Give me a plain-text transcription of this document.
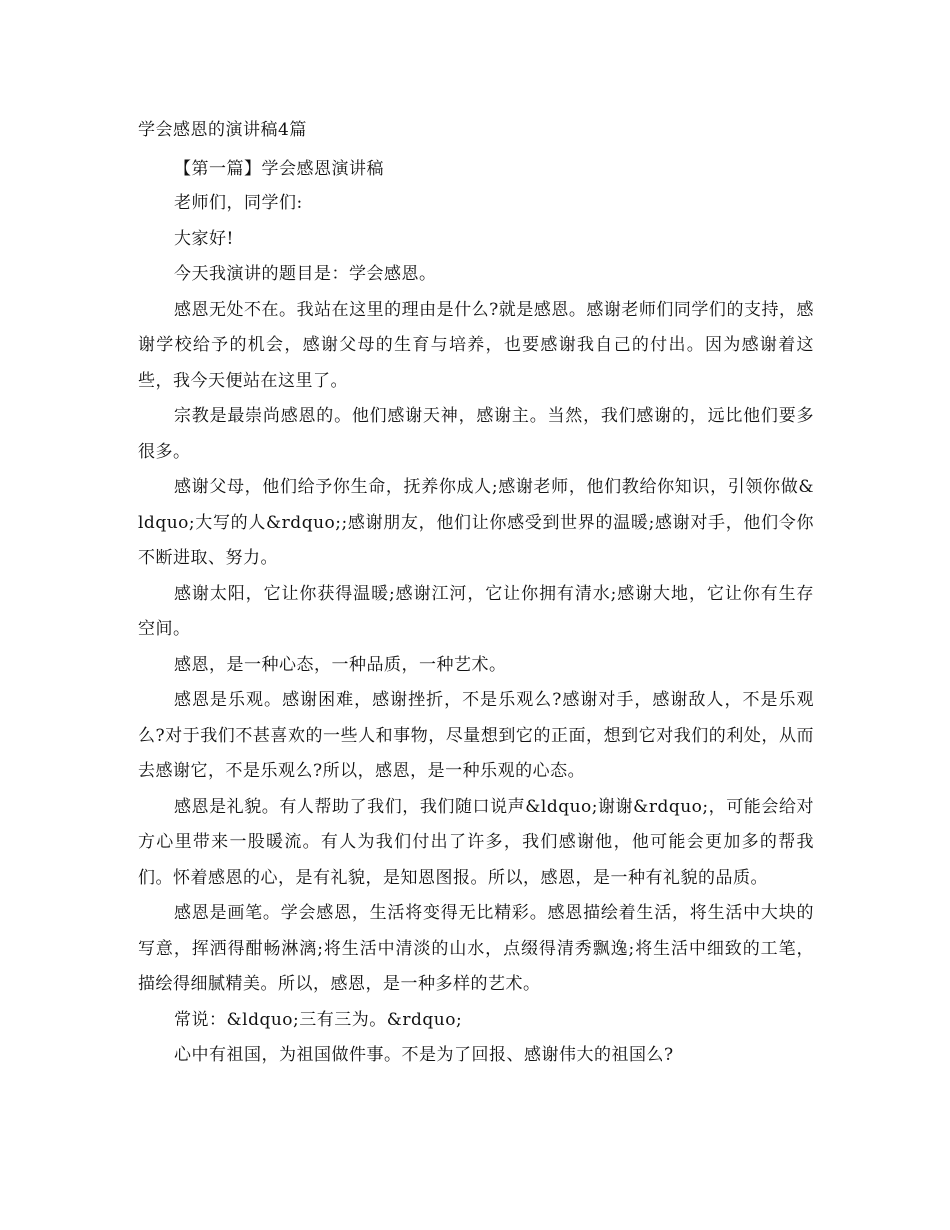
学会感恩的演讲稿4篇

【第一篇】学会感恩演讲稿

老师们，同学们:

大家好!

今天我演讲的题目是：学会感恩。

感恩无处不在。我站在这里的理由是什么?就是感恩。感谢老师们同学们的支持，感谢学校给予的机会，感谢父母的生育与培养，也要感谢我自己的付出。因为感谢着这些，我今天便站在这里了。

宗教是最崇尚感恩的。他们感谢天神，感谢主。当然，我们感谢的，远比他们要多很多。

感谢父母，他们给予你生命，抚养你成人;感谢老师，他们教给你知识，引领你做&ldquo;大写的人&rdquo;;感谢朋友，他们让你感受到世界的温暖;感谢对手，他们令你不断进取、努力。

感谢太阳，它让你获得温暖;感谢江河，它让你拥有清水;感谢大地，它让你有生存空间。

感恩，是一种心态，一种品质，一种艺术。

感恩是乐观。感谢困难，感谢挫折，不是乐观么?感谢对手，感谢敌人，不是乐观么?对于我们不甚喜欢的一些人和事物，尽量想到它的正面，想到它对我们的利处，从而去感谢它，不是乐观么?所以，感恩，是一种乐观的心态。

感恩是礼貌。有人帮助了我们，我们随口说声&ldquo;谢谢&rdquo;，可能会给对方心里带来一股暖流。有人为我们付出了许多，我们感谢他，他可能会更加多的帮我们。怀着感恩的心，是有礼貌，是知恩图报。所以，感恩，是一种有礼貌的品质。

感恩是画笔。学会感恩，生活将变得无比精彩。感恩描绘着生活，将生活中大块的写意，挥洒得酣畅淋漓;将生活中清淡的山水，点缀得清秀飘逸;将生活中细致的工笔，描绘得细腻精美。所以，感恩，是一种多样的艺术。

常说：&ldquo;三有三为。&rdquo;

心中有祖国，为祖国做件事。不是为了回报、感谢伟大的祖国么?
